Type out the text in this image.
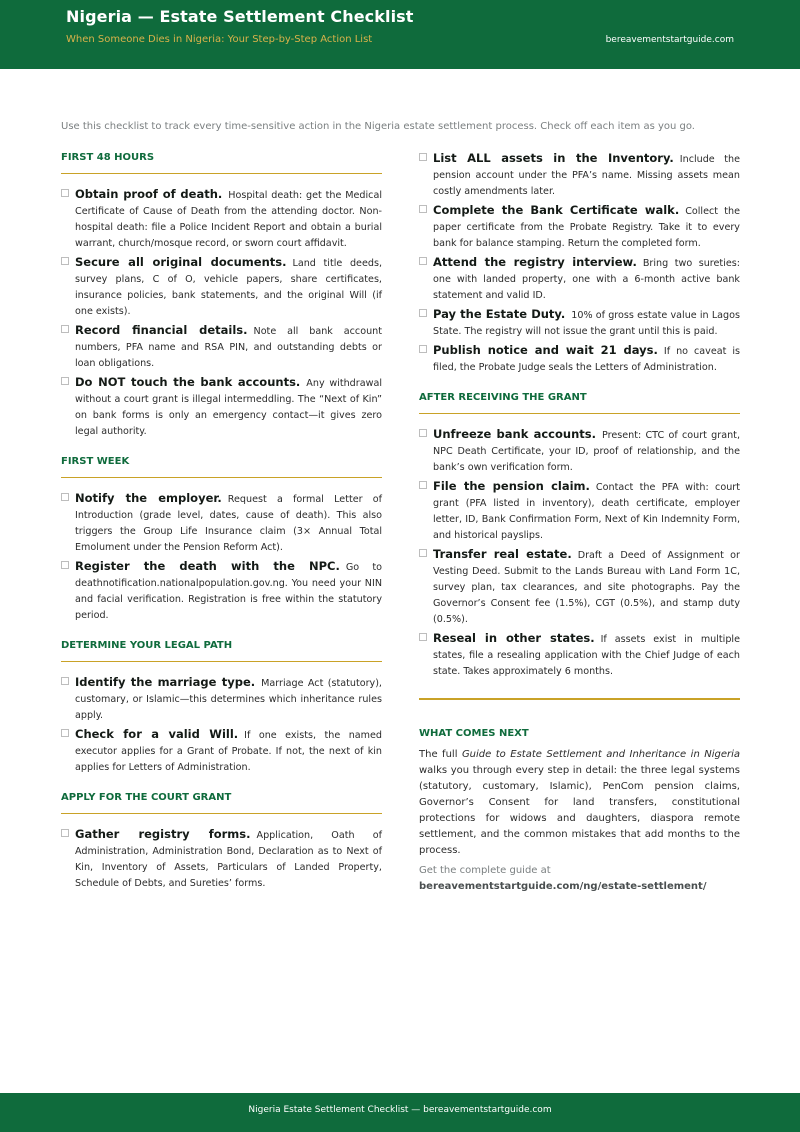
Nigeria — Estate Settlement Checklist
When Someone Dies in Nigeria: Your Step-by-Step Action List	bereavementstartguide.com
Use this checklist to track every time-sensitive action in the Nigeria estate settlement process. Check off each item as you go.
FIRST 48 HOURS
Obtain proof of death. Hospital death: get the Medical Certificate of Cause of Death from the attending doctor. Non-hospital death: file a Police Incident Report and obtain a burial warrant, church/mosque record, or sworn court affidavit.
Secure all original documents. Land title deeds, survey plans, C of O, vehicle papers, share certificates, insurance policies, bank statements, and the original Will (if one exists).
Record financial details. Note all bank account numbers, PFA name and RSA PIN, and outstanding debts or loan obligations.
Do NOT touch the bank accounts. Any withdrawal without a court grant is illegal intermeddling. The “Next of Kin” on bank forms is only an emergency contact—it gives zero legal authority.
FIRST WEEK
Notify the employer. Request a formal Letter of Introduction (grade level, dates, cause of death). This also triggers the Group Life Insurance claim (3× Annual Total Emolument under the Pension Reform Act).
Register the death with the NPC. Go to deathnotification.nationalpopulation.gov.ng. You need your NIN and facial verification. Registration is free within the statutory period.
DETERMINE YOUR LEGAL PATH
Identify the marriage type. Marriage Act (statutory), customary, or Islamic—this determines which inheritance rules apply.
Check for a valid Will. If one exists, the named executor applies for a Grant of Probate. If not, the next of kin applies for Letters of Administration.
APPLY FOR THE COURT GRANT
Gather registry forms. Application, Oath of Administration, Administration Bond, Declaration as to Next of Kin, Inventory of Assets, Particulars of Landed Property, Schedule of Debts, and Sureties’ forms.
List ALL assets in the Inventory. Include the pension account under the PFA’s name. Missing assets mean costly amendments later.
Complete the Bank Certificate walk. Collect the paper certificate from the Probate Registry. Take it to every bank for balance stamping. Return the completed form.
Attend the registry interview. Bring two sureties: one with landed property, one with a 6-month active bank statement and valid ID.
Pay the Estate Duty. 10% of gross estate value in Lagos State. The registry will not issue the grant until this is paid.
Publish notice and wait 21 days. If no caveat is filed, the Probate Judge seals the Letters of Administration.
AFTER RECEIVING THE GRANT
Unfreeze bank accounts. Present: CTC of court grant, NPC Death Certificate, your ID, proof of relationship, and the bank’s own verification form.
File the pension claim. Contact the PFA with: court grant (PFA listed in inventory), death certificate, employer letter, ID, Bank Confirmation Form, Next of Kin Indemnity Form, and historical payslips.
Transfer real estate. Draft a Deed of Assignment or Vesting Deed. Submit to the Lands Bureau with Land Form 1C, survey plan, tax clearances, and site photographs. Pay the Governor’s Consent fee (1.5%), CGT (0.5%), and stamp duty (0.5%).
Reseal in other states. If assets exist in multiple states, file a resealing application with the Chief Judge of each state. Takes approximately 6 months.
WHAT COMES NEXT
The full Guide to Estate Settlement and Inheritance in Nigeria walks you through every step in detail: the three legal systems (statutory, customary, Islamic), PenCom pension claims, Governor’s Consent for land transfers, constitutional protections for widows and daughters, diaspora remote settlement, and the common mistakes that add months to the process.
Get the complete guide at
bereavementstartguide.com/ng/estate-settlement/
Nigeria Estate Settlement Checklist — bereavementstartguide.com
